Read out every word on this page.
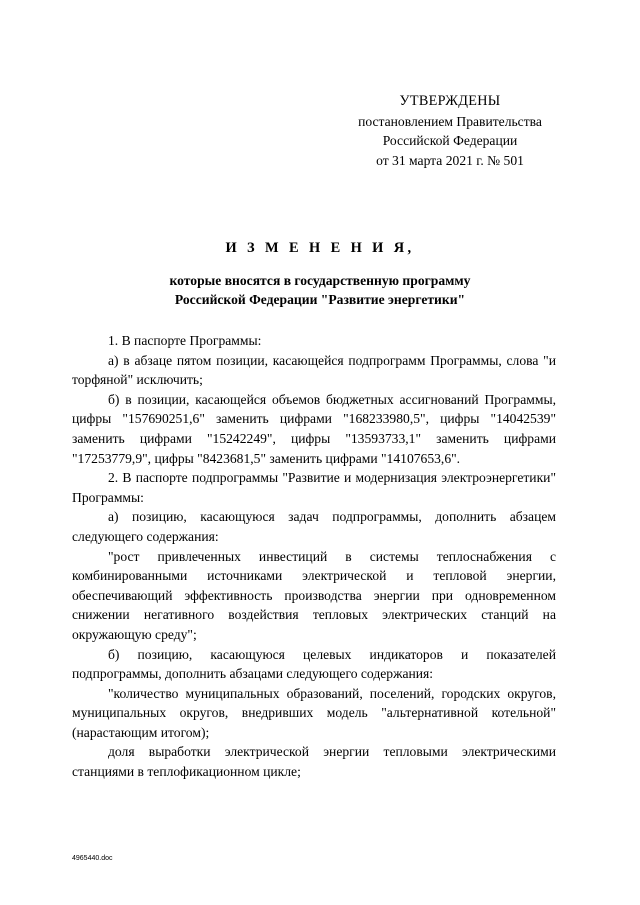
УТВЕРЖДЕНЫ
постановлением Правительства
Российской Федерации
от 31 марта 2021 г. № 501
И З М Е Н Е Н И Я,
которые вносятся в государственную программу
Российской Федерации "Развитие энергетики"

1. В паспорте Программы:

а) в абзаце пятом позиции, касающейся подпрограмм Программы, слова "и торфяной" исключить;

б) в позиции, касающейся объемов бюджетных ассигнований Программы, цифры "157690251,6" заменить цифрами "168233980,5", цифры "14042539" заменить цифрами "15242249", цифры "13593733,1" заменить цифрами "17253779,9", цифры "8423681,5" заменить цифрами "14107653,6".

2. В паспорте подпрограммы "Развитие и модернизация электроэнергетики" Программы:

а) позицию, касающуюся задач подпрограммы, дополнить абзацем следующего содержания:

"рост привлеченных инвестиций в системы теплоснабжения с комбинированными источниками электрической и тепловой энергии, обеспечивающий эффективность производства энергии при одновременном снижении негативного воздействия тепловых электрических станций на окружающую среду";

б) позицию, касающуюся целевых индикаторов и показателей подпрограммы, дополнить абзацами следующего содержания:

"количество муниципальных образований, поселений, городских округов, муниципальных округов, внедривших модель "альтернативной котельной" (нарастающим итогом);

доля выработки электрической энергии тепловыми электрическими станциями в теплофикационном цикле;

4965440.doc
